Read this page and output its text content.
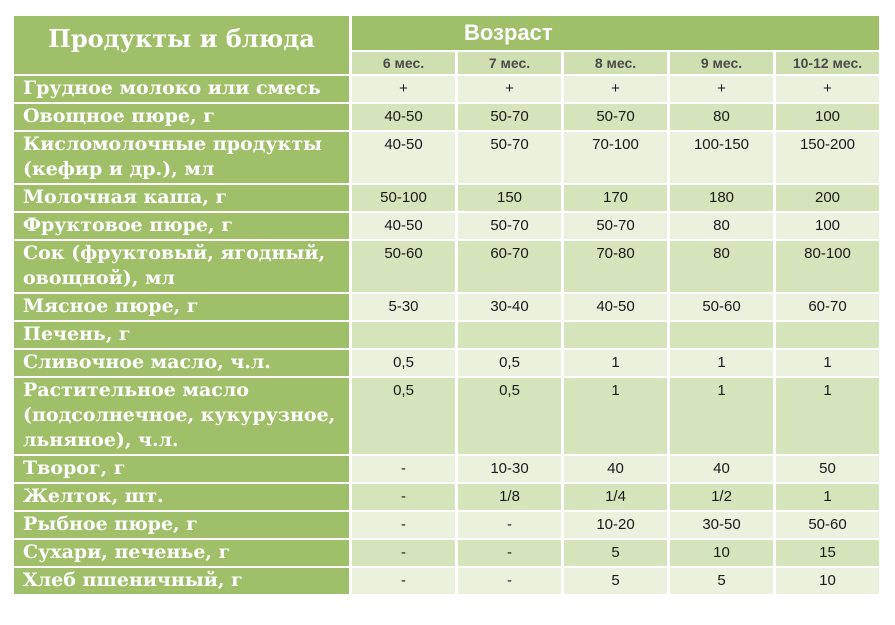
Продукты и блюда	Возраст				
	6 мес.	7 мес.	8 мес.	9 мес.	10-12 мес.
Грудное молоко или смесь	+	+	+	+	+
Овощное пюре, г	40-50	50-70	50-70	80	100
Кисломолочные продукты
(кефир и др.), мл	40-50	50-70	70-100	100-150	150-200
Молочная каша, г	50-100	150	170	180	200
Фруктовое пюре, г	40-50	50-70	50-70	80	100
Сок (фруктовый, ягодный,
овощной), мл	50-60	60-70	70-80	80	80-100
Мясное пюре, г	5-30	30-40	40-50	50-60	60-70
Печень, г					
Сливочное масло, ч.л.	0,5	0,5	1	1	1
Растительное масло
(подсолнечное, кукурузное,
льняное), ч.л.	0,5	0,5	1	1	1
Творог, г	-	10-30	40	40	50
Желток, шт.	-	1/8	1/4	1/2	1
Рыбное пюре, г	-	-	10-20	30-50	50-60
Сухари, печенье, г	-	-	5	10	15
Хлеб пшеничный, г	-	-	5	5	10
